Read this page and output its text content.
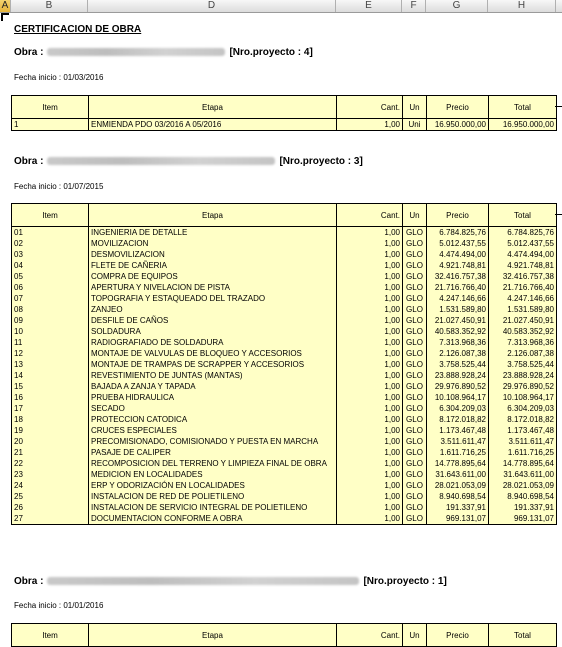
A	B	D	E	F	G	H
CERTIFICACION DE OBRA
Obra :	[Nro.proyecto : 4]
Fecha inicio : 01/03/2016
Item	Etapa	Cant.	Un	Precio	Total
1	ENMIENDA PDO 03/2016 A 05/2016	1,00	Uni	16.950.000,00	16.950.000,00
Obra :	[Nro.proyecto : 3]
Fecha inicio : 01/07/2015
Item	Etapa	Cant.	Un	Precio	Total
01	INGENIERIA DE DETALLE	1,00	GLO	6.784.825,76	6.784.825,76
02	MOVILIZACION	1,00	GLO	5.012.437,55	5.012.437,55
03	DESMOVILIZACION	1,00	GLO	4.474.494,00	4.474.494,00
04	FLETE DE CAÑERIA	1,00	GLO	4.921.748,81	4.921.748,81
05	COMPRA DE EQUIPOS	1,00	GLO	32.416.757,38	32.416.757,38
06	APERTURA Y NIVELACION DE PISTA	1,00	GLO	21.716.766,40	21.716.766,40
07	TOPOGRAFIA Y ESTAQUEADO DEL TRAZADO	1,00	GLO	4.247.146,66	4.247.146,66
08	ZANJEO	1,00	GLO	1.531.589,80	1.531.589,80
09	DESFILE DE CAÑOS	1,00	GLO	21.027.450,91	21.027.450,91
10	SOLDADURA	1,00	GLO	40.583.352,92	40.583.352,92
11	RADIOGRAFIADO DE SOLDADURA	1,00	GLO	7.313.968,36	7.313.968,36
12	MONTAJE DE VALVULAS DE BLOQUEO Y ACCESORIOS	1,00	GLO	2.126.087,38	2.126.087,38
13	MONTAJE DE TRAMPAS DE SCRAPPER Y ACCESORIOS	1,00	GLO	3.758.525,44	3.758.525,44
14	REVESTIMIENTO DE JUNTAS (MANTAS)	1,00	GLO	23.888.928,24	23.888.928,24
15	BAJADA A ZANJA Y TAPADA	1,00	GLO	29.976.890,52	29.976.890,52
16	PRUEBA HIDRAULICA	1,00	GLO	10.108.964,17	10.108.964,17
17	SECADO	1,00	GLO	6.304.209,03	6.304.209,03
18	PROTECCION CATODICA	1,00	GLO	8.172.018,82	8.172.018,82
19	CRUCES ESPECIALES	1,00	GLO	1.173.467,48	1.173.467,48
20	PRECOMISIONADO, COMISIONADO Y PUESTA EN MARCHA	1,00	GLO	3.511.611,47	3.511.611,47
21	PASAJE DE CALIPER	1,00	GLO	1.611.716,25	1.611.716,25
22	RECOMPOSICION DEL TERRENO Y LIMPIEZA FINAL DE OBRA	1,00	GLO	14.778.895,64	14.778.895,64
23	MEDICION EN LOCALIDADES	1,00	GLO	31.643.611,00	31.643.611,00
24	ERP Y ODORIZACIÓN EN LOCALIDADES	1,00	GLO	28.021.053,09	28.021.053,09
25	INSTALACION DE RED DE POLIETILENO	1,00	GLO	8.940.698,54	8.940.698,54
26	INSTALACION DE SERVICIO INTEGRAL DE POLIETILENO	1,00	GLO	191.337,91	191.337,91
27	DOCUMENTACION CONFORME A OBRA	1,00	GLO	969.131,07	969.131,07
Obra :	[Nro.proyecto : 1]
Fecha inicio : 01/01/2016
Item	Etapa	Cant.	Un	Precio	Total
